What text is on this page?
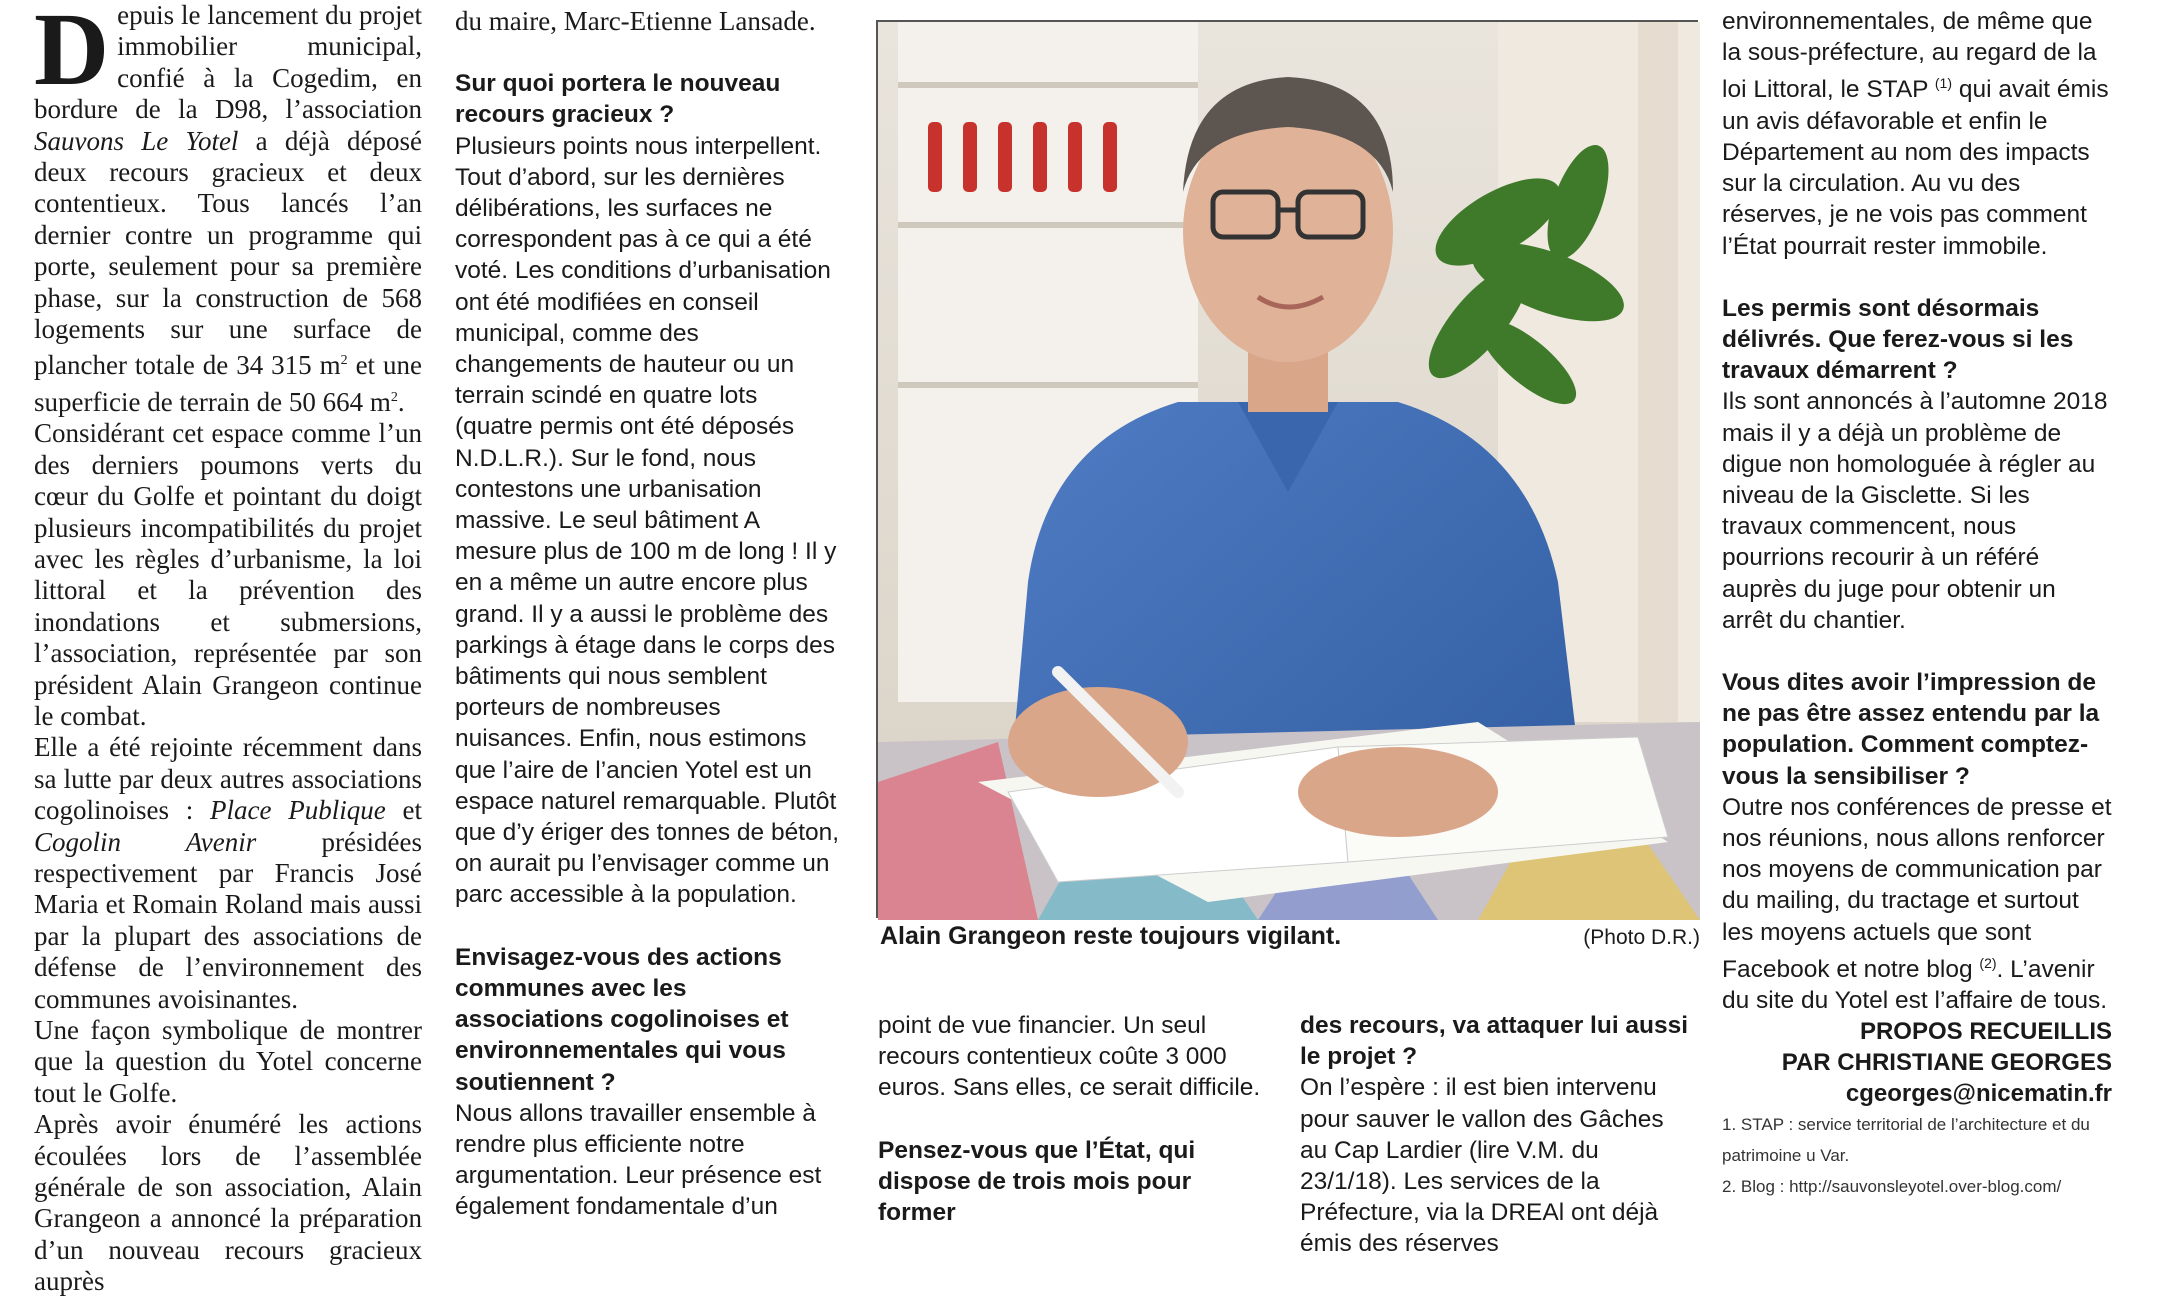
D epuis le lancement du projet immobilier municipal, confié à la Cogedim, en bordure de la D98, l’association Sauvons Le Yotel a déjà déposé deux recours gracieux et deux contentieux. Tous lancés l’an dernier contre un programme qui porte, seulement pour sa première phase, sur la construction de 568 logements sur une surface de plancher totale de 34 315 $m^2$ et une superficie de terrain de 50 664 $m^2$.

Considérant cet espace comme l’un des derniers poumons verts du cœur du Golfe et pointant du doigt plusieurs incompatibilités du projet avec les règles d’urbanisme, la loi littoral et la prévention des inondations et submersions, l’association, représentée par son président Alain Grangeon continue le combat.

Elle a été rejointe récemment dans sa lutte par deux autres associations cogolinoises : Place Publique et Cogolin Avenir présidées respectivement par Francis José Maria et Romain Roland mais aussi par la plupart des associations de défense de l’environnement des communes avoisinantes.

Une façon symbolique de montrer que la question du Yotel concerne tout le Golfe.

Après avoir énuméré les actions écoulées lors de l’assemblée générale de son association, Alain Grangeon a annoncé la préparation d’un nouveau recours gracieux auprès

du maire, Marc-Etienne Lansade.

Sur quoi portera le nouveau recours gracieux ?

Plusieurs points nous interpellent. Tout d’abord, sur les dernières délibérations, les surfaces ne correspondent pas à ce qui a été voté. Les conditions d’urbanisation ont été modifiées en conseil municipal, comme des changements de hauteur ou un terrain scindé en quatre lots (quatre permis ont été déposés N.D.L.R.). Sur le fond, nous contestons une urbanisation massive. Le seul bâtiment A mesure plus de 100 m de long ! Il y en a même un autre encore plus grand. Il y a aussi le problème des parkings à étage dans le corps des bâtiments qui nous semblent porteurs de nombreuses nuisances. Enfin, nous estimons que l’aire de l’ancien Yotel est un espace naturel remarquable. Plutôt que d’y ériger des tonnes de béton, on aurait pu l’envisager comme un parc accessible à la population.

Envisagez-vous des actions communes avec les associations cogolinoises et environnementales qui vous soutiennent ?

Nous allons travailler ensemble à rendre plus efficiente notre argumentation. Leur présence est également fondamentale d’un

Alain Grangeon reste toujours vigilant.	(Photo D.R.)

point de vue financier. Un seul recours contentieux coûte 3 000 euros. Sans elles, ce serait difficile.

Pensez-vous que l’État, qui dispose de trois mois pour former

des recours, va attaquer lui aussi le projet ?

On l’espère : il est bien intervenu pour sauver le vallon des Gâches au Cap Lardier (lire V.M. du 23/1/18). Les services de la Préfecture, via la DREAl ont déjà émis des réserves

environnementales, de même que la sous-préfecture, au regard de la loi Littoral, le STAP $^{(1)}$ qui avait émis un avis défavorable et enfin le Département au nom des impacts sur la circulation. Au vu des réserves, je ne vois pas comment l’État pourrait rester immobile.

Les permis sont désormais délivrés. Que ferez-vous si les travaux démarrent ?

Ils sont annoncés à l’automne 2018 mais il y a déjà un problème de digue non homologuée à régler au niveau de la Gisclette. Si les travaux commencent, nous pourrions recourir à un référé auprès du juge pour obtenir un arrêt du chantier.

Vous dites avoir l’impression de ne pas être assez entendu par la population. Comment comptez-vous la sensibiliser ?

Outre nos conférences de presse et nos réunions, nous allons renforcer nos moyens de communication par du mailing, du tractage et surtout les moyens actuels que sont Facebook et notre blog $^{(2)}$. L’avenir du site du Yotel est l’affaire de tous.

PROPOS RECUEILLIS
PAR CHRISTIANE GEORGES
cgeorges@nicematin.fr
1. STAP : service territorial de l’architecture et du patrimoine u Var.
2. Blog : http://sauvonsleyotel.over-blog.com/
